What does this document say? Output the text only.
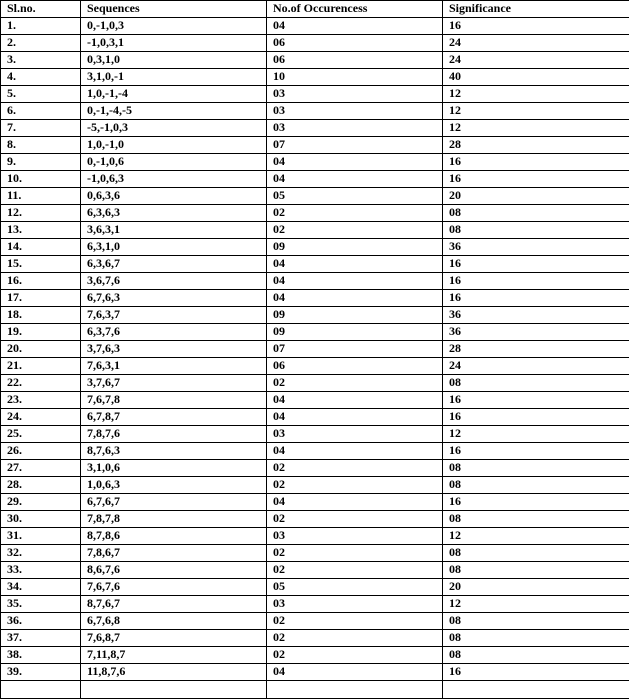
Sl.no.	Sequences	No.of Occurencess	Significance
1.	0,-1,0,3	04	16
2.	-1,0,3,1	06	24
3.	0,3,1,0	06	24
4.	3,1,0,-1	10	40
5.	1,0,-1,-4	03	12
6.	0,-1,-4,-5	03	12
7.	-5,-1,0,3	03	12
8.	1,0,-1,0	07	28
9.	0,-1,0,6	04	16
10.	-1,0,6,3	04	16
11.	0,6,3,6	05	20
12.	6,3,6,3	02	08
13.	3,6,3,1	02	08
14.	6,3,1,0	09	36
15.	6,3,6,7	04	16
16.	3,6,7,6	04	16
17.	6,7,6,3	04	16
18.	7,6,3,7	09	36
19.	6,3,7,6	09	36
20.	3,7,6,3	07	28
21.	7,6,3,1	06	24
22.	3,7,6,7	02	08
23.	7,6,7,8	04	16
24.	6,7,8,7	04	16
25.	7,8,7,6	03	12
26.	8,7,6,3	04	16
27.	3,1,0,6	02	08
28.	1,0,6,3	02	08
29.	6,7,6,7	04	16
30.	7,8,7,8	02	08
31.	8,7,8,6	03	12
32.	7,8,6,7	02	08
33.	8,6,7,6	02	08
34.	7,6,7,6	05	20
35.	8,7,6,7	03	12
36.	6,7,6,8	02	08
37.	7,6,8,7	02	08
38.	7,11,8,7	02	08
39.	11,8,7,6	04	16
